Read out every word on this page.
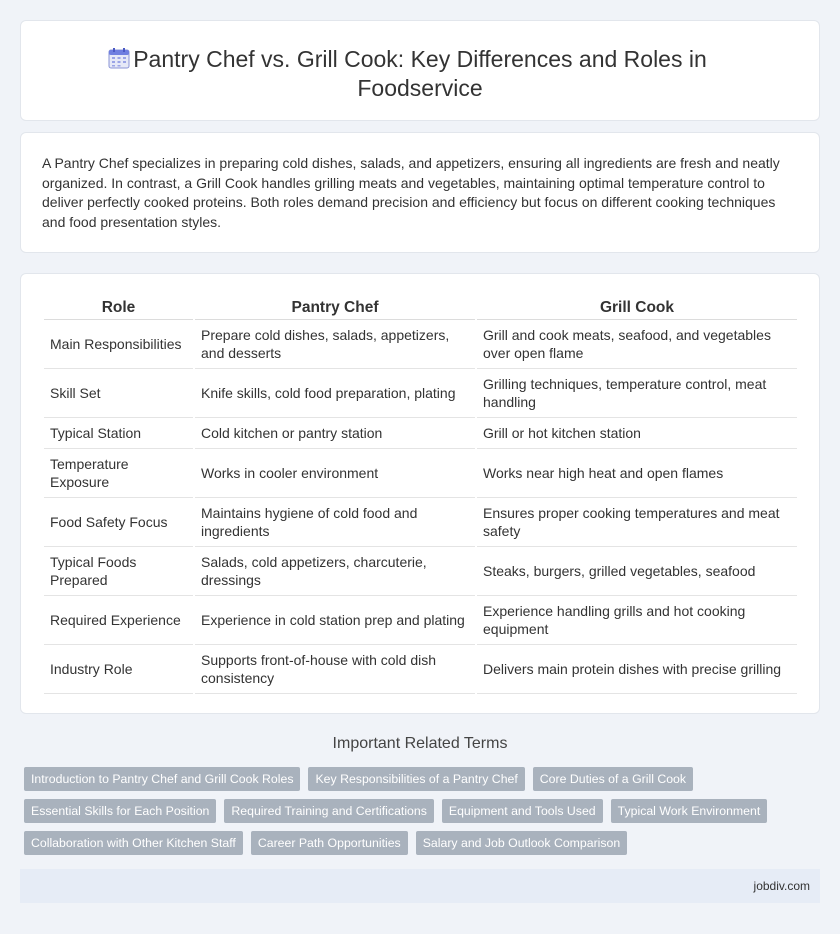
Pantry Chef vs. Grill Cook: Key Differences and Roles in Foodservice

A Pantry Chef specializes in preparing cold dishes, salads, and appetizers, ensuring all ingredients are fresh and neatly organized. In contrast, a Grill Cook handles grilling meats and vegetables, maintaining optimal temperature control to deliver perfectly cooked proteins. Both roles demand precision and efficiency but focus on different cooking techniques and food presentation styles.

Role	Pantry Chef	Grill Cook
Main Responsibilities	Prepare cold dishes, salads, appetizers, and desserts	Grill and cook meats, seafood, and vegetables over open flame
Skill Set	Knife skills, cold food preparation, plating	Grilling techniques, temperature control, meat handling
Typical Station	Cold kitchen or pantry station	Grill or hot kitchen station
Temperature Exposure	Works in cooler environment	Works near high heat and open flames
Food Safety Focus	Maintains hygiene of cold food and ingredients	Ensures proper cooking temperatures and meat safety
Typical Foods Prepared	Salads, cold appetizers, charcuterie, dressings	Steaks, burgers, grilled vegetables, seafood
Required Experience	Experience in cold station prep and plating	Experience handling grills and hot cooking equipment
Industry Role	Supports front-of-house with cold dish consistency	Delivers main protein dishes with precise grilling
Important Related Terms
Introduction to Pantry Chef and Grill Cook Roles	Key Responsibilities of a Pantry Chef	Core Duties of a Grill Cook
Essential Skills for Each Position	Required Training and Certifications	Equipment and Tools Used	Typical Work Environment
Collaboration with Other Kitchen Staff	Career Path Opportunities	Salary and Job Outlook Comparison
jobdiv.com
